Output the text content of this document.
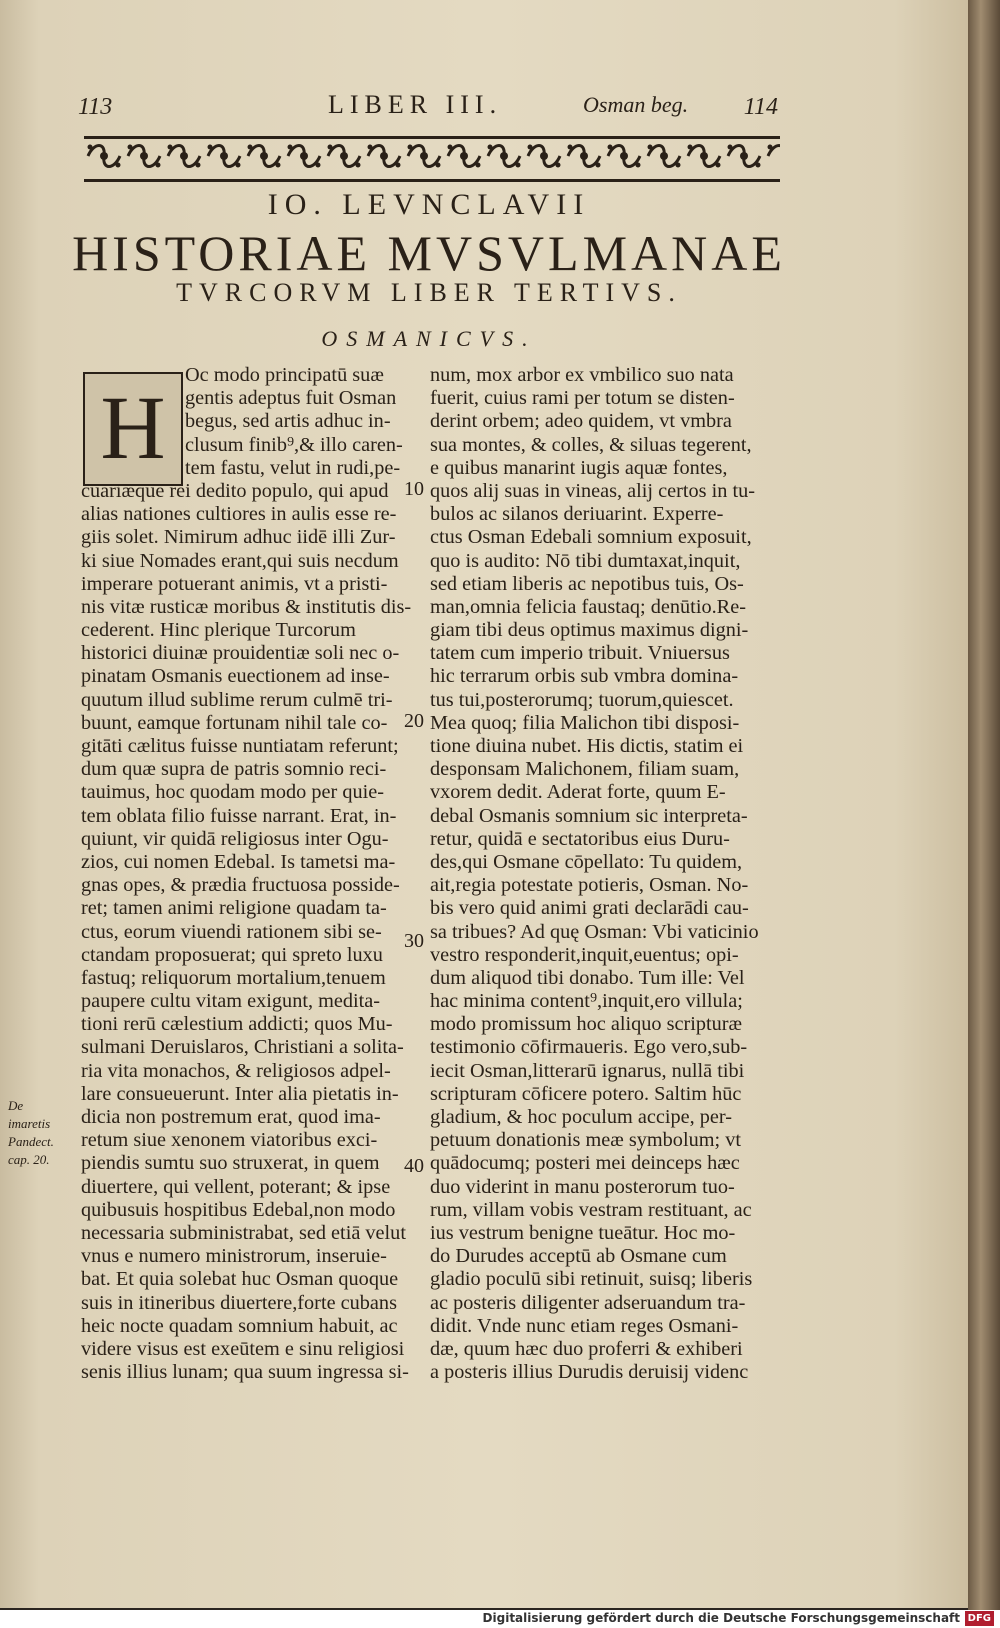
113	LIBER III.	Osman beg. 114
IO. LEVNCLAVII
HISTORIAE MVSVLMANAE
TVRCORVM LIBER TERTIVS.
OSMANICVS.
H
Oc modo principatū suæ
gentis adeptus fuit Osman
begus, sed artis adhuc in-
clusum finib⁹,& illo caren-
tem fastu, velut in rudi,pe-
cuariæque rei dedito populo, qui apud
alias nationes cultiores in aulis esse re-
giis solet. Nimirum adhuc iidē illi Zur-
ki siue Nomades erant,qui suis necdum
imperare potuerant animis, vt a pristi-
nis vitæ rusticæ moribus & institutis dis-
cederent. Hinc plerique Turcorum
historici diuinæ prouidentiæ soli nec o-
pinatam Osmanis euectionem ad inse-
quutum illud sublime rerum culmē tri-
buunt, eamque fortunam nihil tale co-
gitāti cælitus fuisse nuntiatam referunt;
dum quæ supra de patris somnio reci-
tauimus, hoc quodam modo per quie-
tem oblata filio fuisse narrant. Erat, in-
quiunt, vir quidā religiosus inter Ogu-
zios, cui nomen Edebal. Is tametsi ma-
gnas opes, & prædia fructuosa posside-
ret; tamen animi religione quadam ta-
ctus, eorum viuendi rationem sibi se-
ctandam proposuerat; qui spreto luxu
fastuq; reliquorum mortalium,tenuem
paupere cultu vitam exigunt, medita-
tioni rerū cælestium addicti; quos Mu-
sulmani Deruislaros, Christiani a solita-
ria vita monachos, & religiosos adpel-
lare consueuerunt. Inter alia pietatis in-
dicia non postremum erat, quod ima-
retum siue xenonem viatoribus exci-
piendis sumtu suo struxerat, in quem
diuertere, qui vellent, poterant; & ipse
quibusuis hospitibus Edebal,non modo
necessaria subministrabat, sed etiā velut
vnus e numero ministrorum, inseruie-
bat. Et quia solebat huc Osman quoque
suis in itineribus diuertere,forte cubans
heic nocte quadam somnium habuit, ac
videre visus est exeūtem e sinu religiosi
senis illius lunam; qua suum ingressa si-
num, mox arbor ex vmbilico suo nata
fuerit, cuius rami per totum se disten-
derint orbem; adeo quidem, vt vmbra
sua montes, & colles, & siluas tegerent,
e quibus manarint iugis aquæ fontes,
quos alij suas in vineas, alij certos in tu-
bulos ac silanos deriuarint. Experre-
ctus Osman Edebali somnium exposuit,
quo is audito: Nō tibi dumtaxat,inquit,
sed etiam liberis ac nepotibus tuis, Os-
man,omnia felicia faustaq; denūtio.Re-
giam tibi deus optimus maximus digni-
tatem cum imperio tribuit. Vniuersus
hic terrarum orbis sub vmbra domina-
tus tui,posterorumq; tuorum,quiescet.
Mea quoq; filia Malichon tibi disposi-
tione diuina nubet. His dictis, statim ei
desponsam Malichonem, filiam suam,
vxorem dedit. Aderat forte, quum E-
debal Osmanis somnium sic interpreta-
retur, quidā e sectatoribus eius Duru-
des,qui Osmane cōpellato: Tu quidem,
ait,regia potestate potieris, Osman. No-
bis vero quid animi grati declarādi cau-
sa tribues? Ad quę Osman: Vbi vaticinio
vestro responderit,inquit,euentus; opi-
dum aliquod tibi donabo. Tum ille: Vel
hac minima content⁹,inquit,ero villula;
modo promissum hoc aliquo scripturæ
testimonio cōfirmaueris. Ego vero,sub-
iecit Osman,litterarū ignarus, nullā tibi
scripturam cōficere potero. Saltim hūc
gladium, & hoc poculum accipe, per-
petuum donationis meæ symbolum; vt
quādocumq; posteri mei deinceps hæc
duo viderint in manu posterorum tuo-
rum, villam vobis vestram restituant, ac
ius vestrum benigne tueātur. Hoc mo-
do Durudes acceptū ab Osmane cum
gladio poculū sibi retinuit, suisq; liberis
ac posteris diligenter adseruandum tra-
didit. Vnde nunc etiam reges Osmani-
dæ, quum hæc duo proferri & exhiberi
a posteris illius Durudis deruisij videnc
10
20
30
40
De imaretis
Pandect.
cap. 20.
Digitalisierung gefördert durch die Deutsche Forschungsgemeinschaft DFG
